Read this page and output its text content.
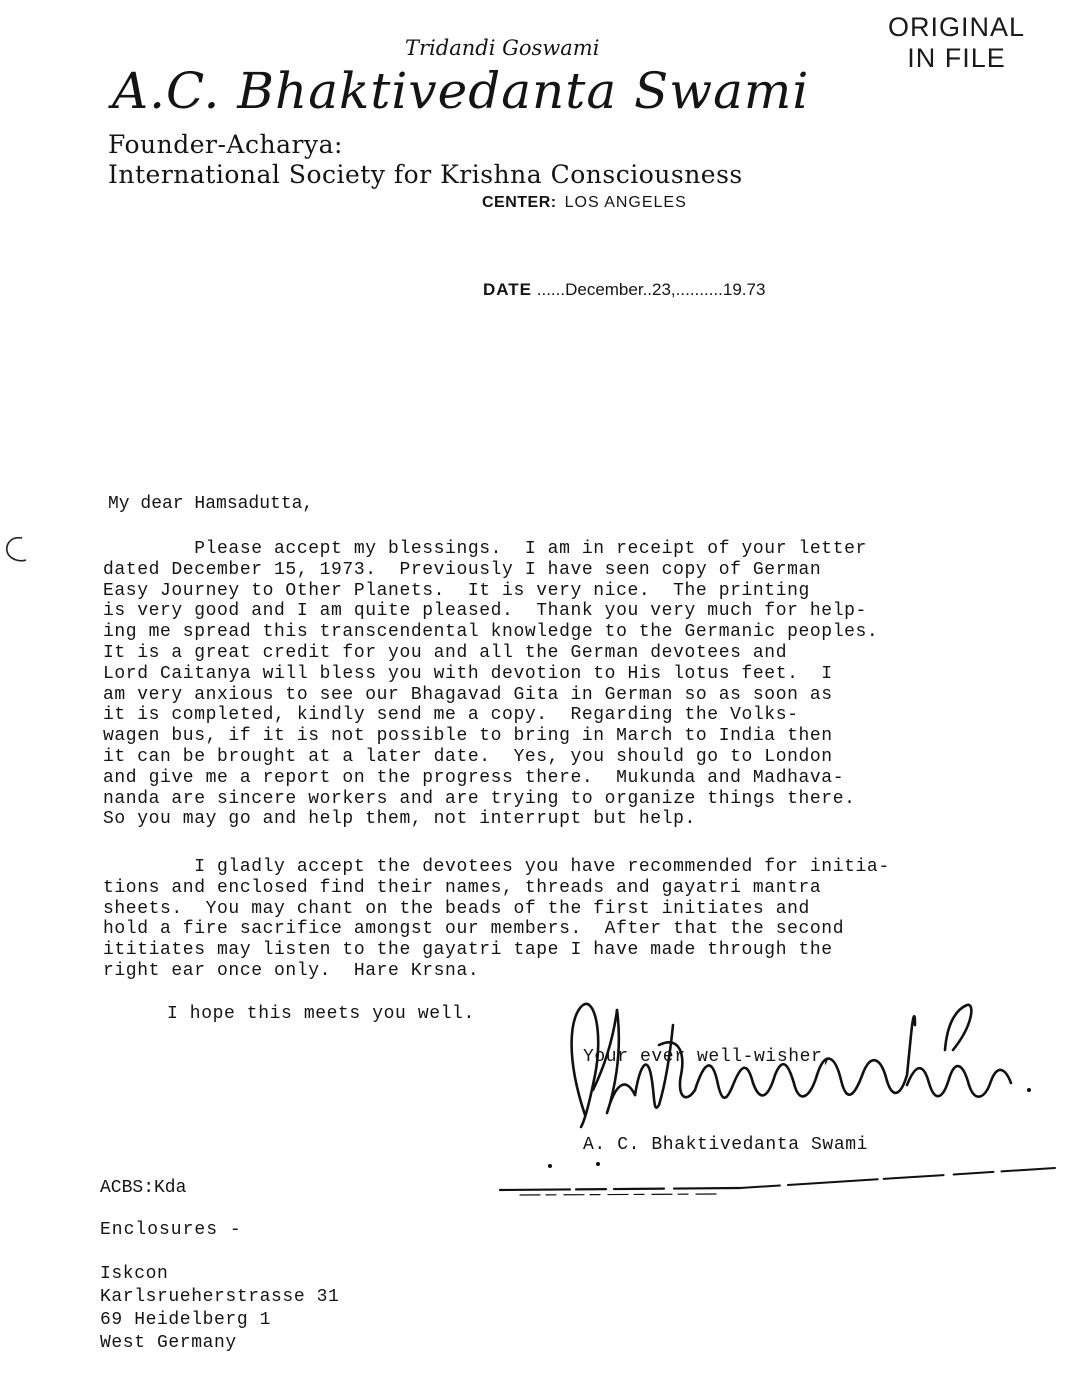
ORIGINAL
IN FILE
Tridandi Goswami
A.C. Bhaktivedanta Swami
Founder-Acharya:
International Society for Krishna Consciousness
CENTER: LOS ANGELES
DATE ......December..23,..........19.73
My dear Hamsadutta,
Please accept my blessings.  I am in receipt of your letter
dated December 15, 1973.  Previously I have seen copy of German
Easy Journey to Other Planets.  It is very nice.  The printing
is very good and I am quite pleased.  Thank you very much for help-
ing me spread this transcendental knowledge to the Germanic peoples.
It is a great credit for you and all the German devotees and
Lord Caitanya will bless you with devotion to His lotus feet.  I
am very anxious to see our Bhagavad Gita in German so as soon as
it is completed, kindly send me a copy.  Regarding the Volks-
wagen bus, if it is not possible to bring in March to India then
it can be brought at a later date.  Yes, you should go to London
and give me a report on the progress there.  Mukunda and Madhava-
nanda are sincere workers and are trying to organize things there.
So you may go and help them, not interrupt but help.
I gladly accept the devotees you have recommended for initia-
tions and enclosed find their names, threads and gayatri mantra
sheets.  You may chant on the beads of the first initiates and
hold a fire sacrifice amongst our members.  After that the second
ititiates may listen to the gayatri tape I have made through the
right ear once only.  Hare Krsna.
I hope this meets you well.
Your ever well-wisher,
A. C. Bhaktivedanta Swami
ACBS:Kda
Enclosures -
Iskcon
Karlsrueherstrasse 31
69 Heidelberg 1
West Germany
